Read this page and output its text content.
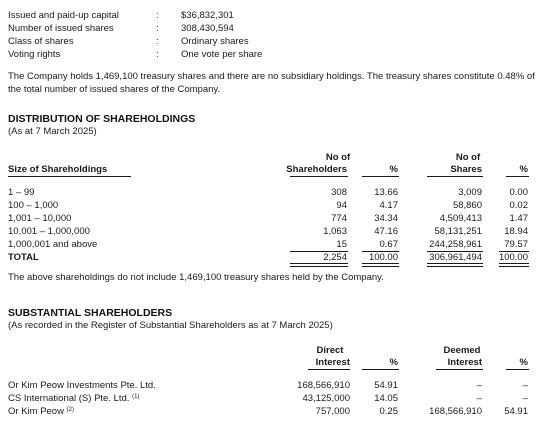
Issued and paid-up capital	: $36,832,301
Number of issued shares	: 308,430,594
Class of shares	: Ordinary shares
Voting rights	: One vote per share
The Company holds 1,469,100 treasury shares and there are no subsidiary holdings. The treasury shares constitute 0.48% of the total number of issued shares of the Company.
DISTRIBUTION OF SHAREHOLDINGS
(As at 7 March 2025)
No of	No of
Size of Shareholdings	Shareholders	%	Shares	%
1 – 99	308	13.66	3,009	0.00
100 – 1,000	94	4.17	58,860	0.02
1,001 – 10,000	774	34.34	4,509,413	1.47
10,001 – 1,000,000	1,063	47.16	58,131,251	18.94
1,000,001 and above	15	0.67	244,258,961	79.57
TOTAL	2,254	100.00	306,961,494	100.00
The above shareholdings do not include 1,469,100 treasury shares held by the Company.
SUBSTANTIAL SHAREHOLDERS
(As recorded in the Register of Substantial Shareholders as at 7 March 2025)
Direct	Deemed
Interest	%	Interest	%
Or Kim Peow Investments Pte. Ltd.	168,566,910	54.91	–	–
CS International (S) Pte. Ltd. $^{(1)}$	43,125,000	14.05	–	–
Or Kim Peow $^{(2)}$	757,000	0.25	168,566,910	54.91
